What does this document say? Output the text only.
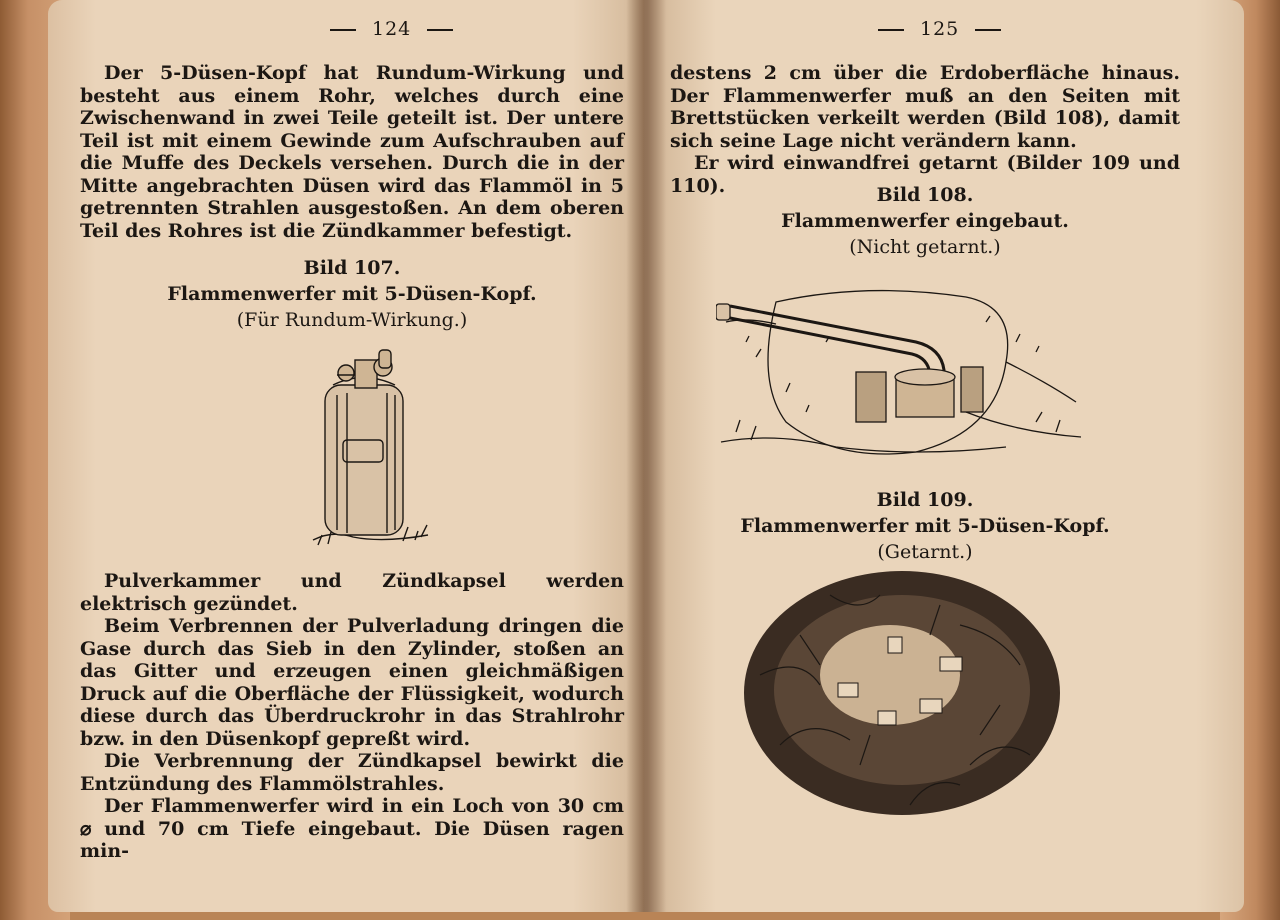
124

Der 5-Düsen-Kopf hat Rundum-Wirkung und besteht aus einem Rohr, welches durch eine Zwischenwand in zwei Teile geteilt ist. Der untere Teil ist mit einem Gewinde zum Aufschrauben auf die Muffe des Deckels versehen. Durch die in der Mitte angebrachten Düsen wird das Flammöl in 5 getrennten Strahlen ausgestoßen. An dem oberen Teil des Rohres ist die Zündkammer befestigt.

Bild 107.
Flammenwerfer mit 5-Düsen-Kopf.
(Für Rundum-Wirkung.)

Pulverkammer und Zündkapsel werden elektrisch gezündet.

Beim Verbrennen der Pulverladung dringen die Gase durch das Sieb in den Zylinder, stoßen an das Gitter und erzeugen einen gleichmäßigen Druck auf die Oberfläche der Flüssigkeit, wodurch diese durch das Überdruckrohr in das Strahlrohr bzw. in den Düsenkopf gepreßt wird.

Die Verbrennung der Zündkapsel bewirkt die Entzündung des Flammölstrahles.

Der Flammenwerfer wird in ein Loch von 30 cm ⌀ und 70 cm Tiefe eingebaut. Die Düsen ragen min-

125

destens 2 cm über die Erdoberfläche hinaus. Der Flammenwerfer muß an den Seiten mit Brettstücken verkeilt werden (Bild 108), damit sich seine Lage nicht verändern kann.

Er wird einwandfrei getarnt (Bilder 109 und 110).	Bild 108.
Flammenwerfer eingebaut.
(Nicht getarnt.)
Bild 109.
Flammenwerfer mit 5-Düsen-Kopf.
(Getarnt.)
